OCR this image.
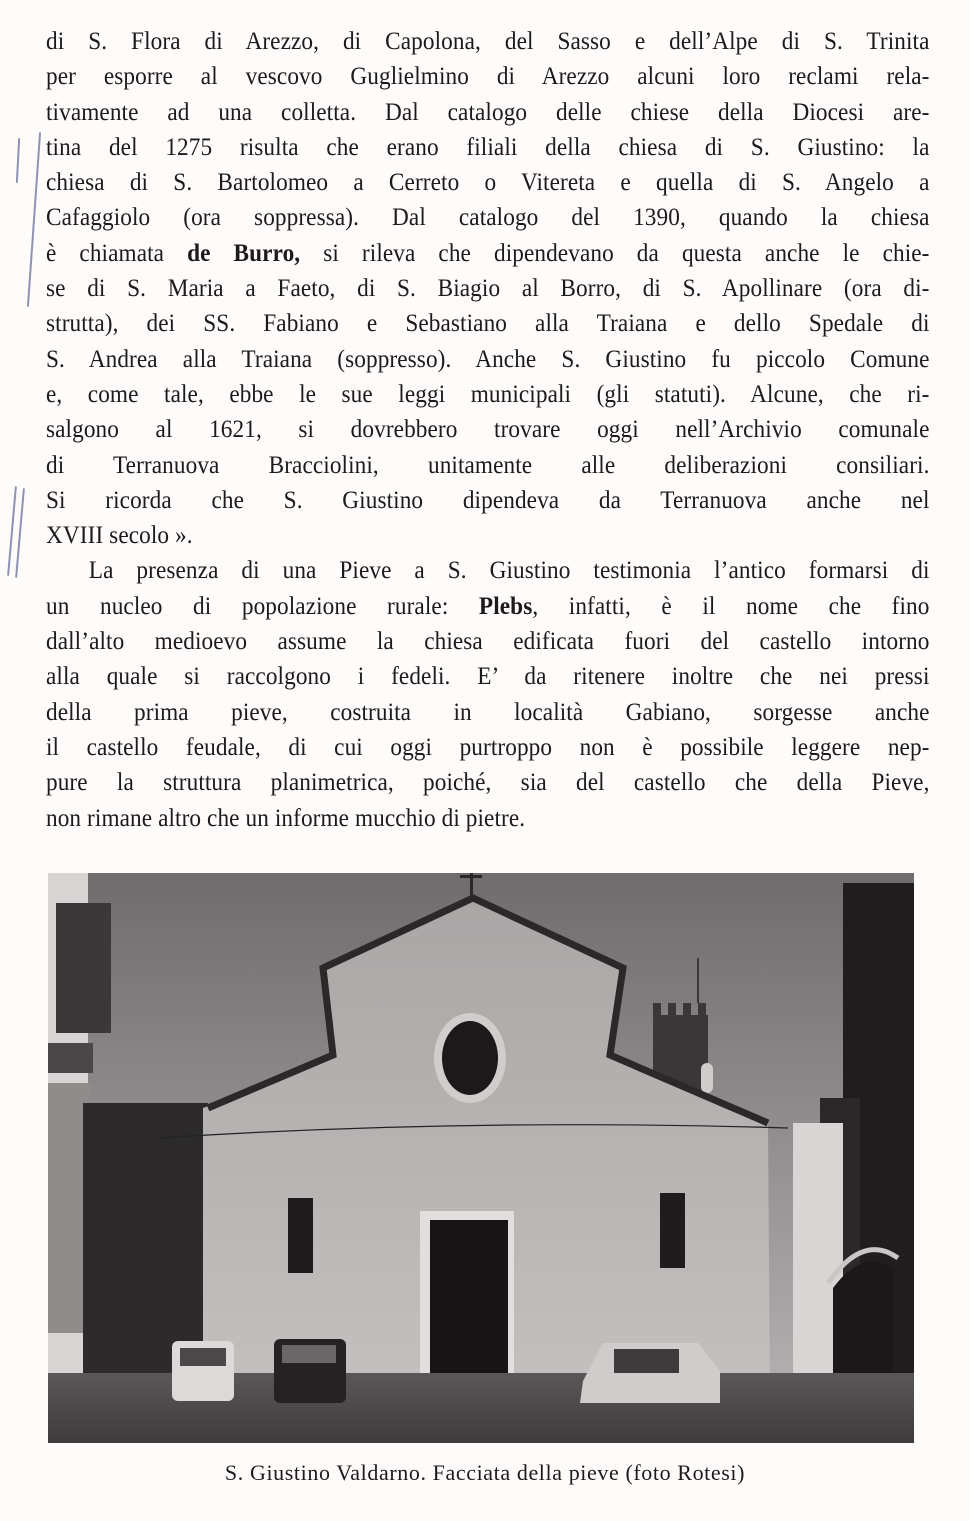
di S. Flora di Arezzo, di Capolona, del Sasso e dell’Alpe di S. Trinita
per esporre al vescovo Guglielmino di Arezzo alcuni loro reclami rela-
tivamente ad una colletta. Dal catalogo delle chiese della Diocesi are-
tina del 1275 risulta che erano filiali della chiesa di S. Giustino: la
chiesa di S. Bartolomeo a Cerreto o Vitereta e quella di S. Angelo a
Cafaggiolo (ora soppressa). Dal catalogo del 1390, quando la chiesa
è chiamata de Burro, si rileva che dipendevano da questa anche le chie-
se di S. Maria a Faeto, di S. Biagio al Borro, di S. Apollinare (ora di-
strutta), dei SS. Fabiano e Sebastiano alla Traiana e dello Spedale di
S. Andrea alla Traiana (soppresso). Anche S. Giustino fu piccolo Comune
e, come tale, ebbe le sue leggi municipali (gli statuti). Alcune, che ri-
salgono al 1621, si dovrebbero trovare oggi nell’Archivio comunale
di Terranuova Bracciolini, unitamente alle deliberazioni consiliari.
Si ricorda che S. Giustino dipendeva da Terranuova anche nel
XVIII secolo ».
La presenza di una Pieve a S. Giustino testimonia l’antico formarsi di
un nucleo di popolazione rurale: Plebs, infatti, è il nome che fino
dall’alto medioevo assume la chiesa edificata fuori del castello intorno
alla quale si raccolgono i fedeli. E’ da ritenere inoltre che nei pressi
della prima pieve, costruita in località Gabiano, sorgesse anche
il castello feudale, di cui oggi purtroppo non è possibile leggere nep-
pure la struttura planimetrica, poiché, sia del castello che della Pieve,
non rimane altro che un informe mucchio di pietre.
S. Giustino Valdarno. Facciata della pieve (foto Rotesi)
